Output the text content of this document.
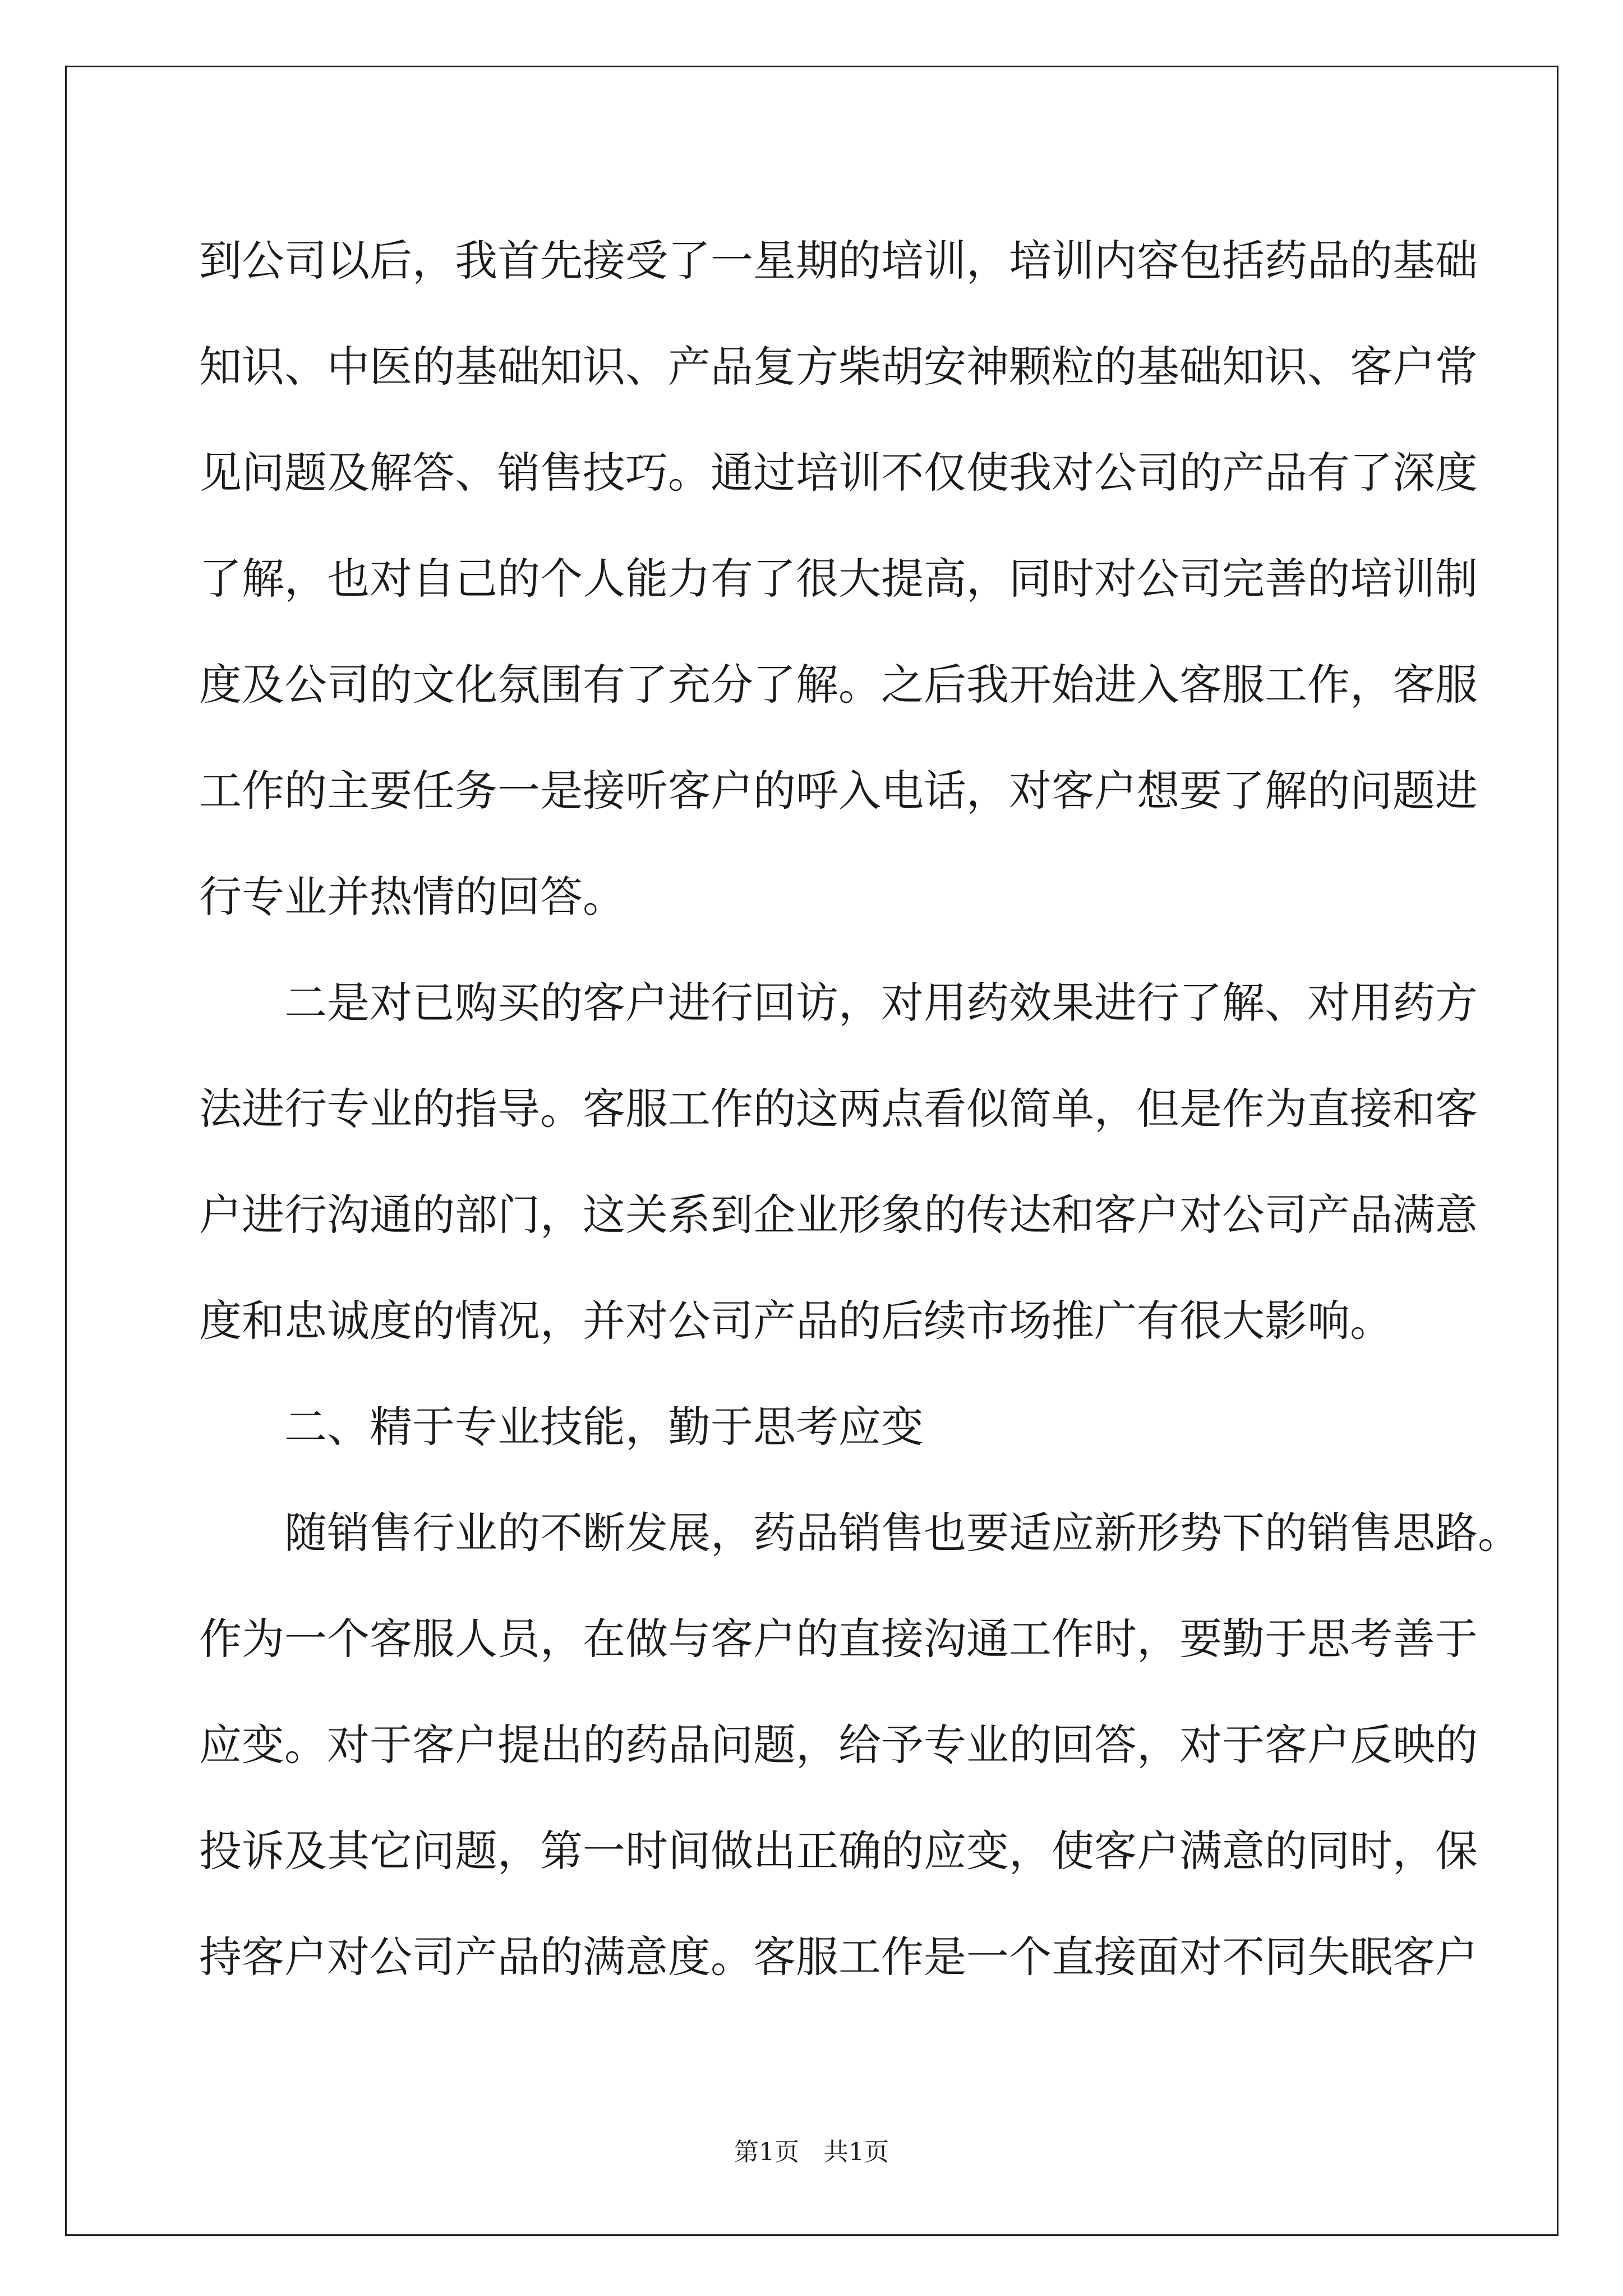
到公司以后，我首先接受了一星期的培训，培训内容包括药品的基础
知识、中医的基础知识、产品复方柴胡安神颗粒的基础知识、客户常
见问题及解答、销售技巧。通过培训不仅使我对公司的产品有了深度
了解，也对自己的个人能力有了很大提高，同时对公司完善的培训制
度及公司的文化氛围有了充分了解。之后我开始进入客服工作，客服
工作的主要任务一是接听客户的呼入电话，对客户想要了解的问题进
行专业并热情的回答。

二是对已购买的客户进行回访，对用药效果进行了解、对用药方
法进行专业的指导。客服工作的这两点看似简单，但是作为直接和客
户进行沟通的部门，这关系到企业形象的传达和客户对公司产品满意
度和忠诚度的情况，并对公司产品的后续市场推广有很大影响。

二、精于专业技能，勤于思考应变

随销售行业的不断发展，药品销售也要适应新形势下的销售思路。
作为一个客服人员，在做与客户的直接沟通工作时，要勤于思考善于
应变。对于客户提出的药品问题，给予专业的回答，对于客户反映的
投诉及其它问题，第一时间做出正确的应变，使客户满意的同时，保
持客户对公司产品的满意度。客服工作是一个直接面对不同失眠客户

第1页　共1页
